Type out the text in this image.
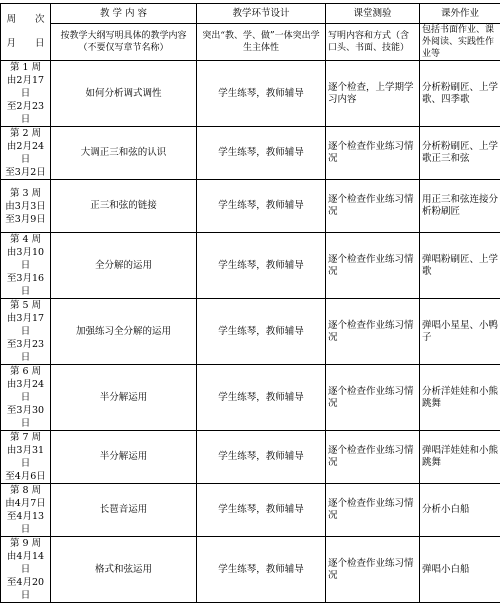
周　　次
月　　日	教 学 内 容	教学环节设计	课堂测验	课外作业
	按教学大纲写明具体的教学内容（不要仅写章节名称）	突出“教、学、做”一体突出学生主体性	写明内容和方式（含口头、书面、技能）	包括书面作业、课外阅读、实践性作业等

第 1 周
由2月17日
至2月23日	如何分析调式调性	学生练琴，教师辅导	逐个检查，上学期学习内容	分析粉刷匠、上学歌、四季歌

第 2 周
由2月24日
至3月2日	大调正三和弦的认识	学生练琴，教师辅导	逐个检查作业练习情况	分析粉刷匠、上学歌正三和弦

第 3 周
由3月3日
至3月9日	正三和弦的链接	学生练琴，教师辅导	逐个检查作业练习情况	用正三和弦连接分析粉刷匠

第 4 周
由3月10日
至3月16日	全分解的运用	学生练琴，教师辅导	逐个检查作业练习情况	弹唱粉刷匠、上学歌

第 5 周
由3月17日
至3月23日	加强练习全分解的运用	学生练琴，教师辅导	逐个检查作业练习情况	弹唱小星星、小鸭子

第 6 周
由3月24日
至3月30日	半分解运用	学生练琴，教师辅导	逐个检查作业练习情况	分析洋娃娃和小熊跳舞

第 7 周
由3月31日
至4月6日	半分解运用	学生练琴，教师辅导	逐个检查作业练习情况	弹唱洋娃娃和小熊跳舞

第 8 周
由4月7日
至4月13日	长琶音运用	学生练琴，教师辅导	逐个检查作业练习情况	分析小白船

第 9 周
由4月14日
至4月20日	格式和弦运用	学生练琴，教师辅导	逐个检查作业练习情况	弹唱小白船
